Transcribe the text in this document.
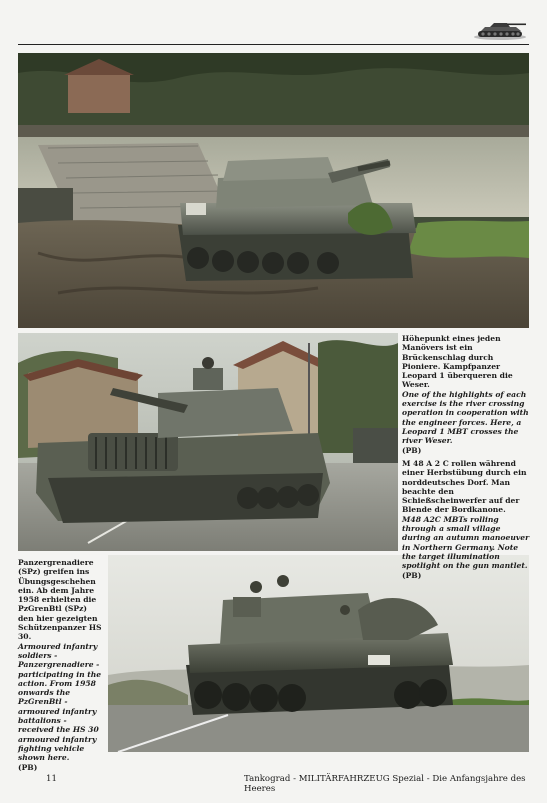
Höhepunkt eines jeden Manövers ist ein Brückenschlag durch Pioniere. Kampfpanzer Leopard 1 überqueren die Weser.
One of the highlights of each exercise is the river crossing operation in cooperation with the engineer forces. Here, a Leopard 1 MBT crosses the river Weser.
(PB)
M 48 A 2 C rollen während einer Herbstübung durch ein norddeutsches Dorf. Man beachte den Schießscheinwerfer auf der Blende der Bordkanone.
M48 A2C MBTs rolling through a small village during an autumn manoeuver in Northern Germany. Note the target illumination spotlight on the gun mantlet.
(PB)
Panzergrenadiere (SPz) greifen ins Übungsgeschehen ein. Ab dem Jahre 1958 erhielten die PzGrenBtl (SPz) den hier gezeigten Schützenpanzer HS 30.
Armoured infantry soldiers - Panzergrenadiere - participating in the action. From 1958 onwards the PzGrenBtl - armoured infantry battalions - received the HS 30 armoured infantry fighting vehicle shown here.
(PB)
11	Tankograd - MILITÄRFAHRZEUG Spezial - Die Anfangsjahre des Heeres
